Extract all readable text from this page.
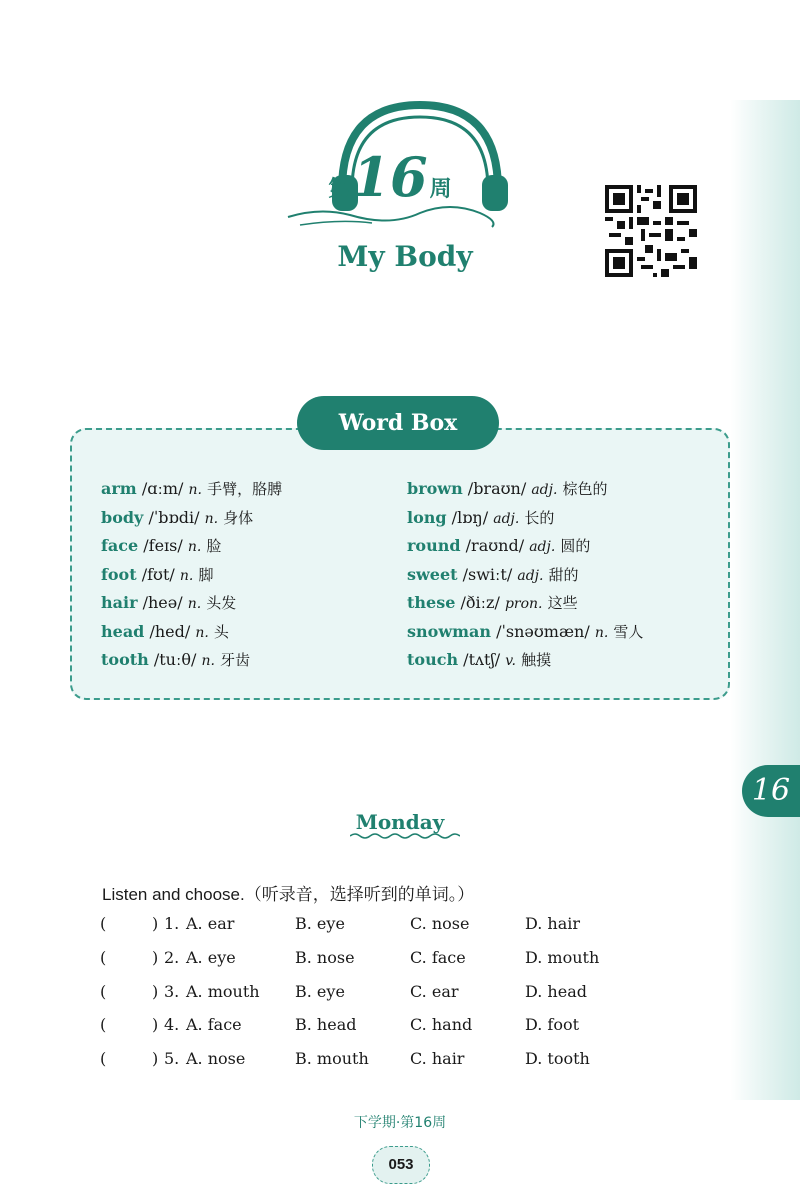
16
第16周
My Body
Word Box
arm /ɑːm/ n. 手臂，胳膊
body /ˈbɒdi/ n. 身体
face /feɪs/ n. 脸
foot /fʊt/ n. 脚
hair /heə/ n. 头发
head /hed/ n. 头
tooth /tuːθ/ n. 牙齿
brown /braʊn/ adj. 棕色的
long /lɒŋ/ adj. 长的
round /raʊnd/ adj. 圆的
sweet /swiːt/ adj. 甜的
these /ðiːz/ pron. 这些
snowman /ˈsnəʊmæn/ n. 雪人
touch /tʌtʃ/ v. 触摸
Monday
Listen and choose.（听录音，选择听到的单词。）
(	) 1. A. ear	B. eye	C. nose	D. hair
(	) 2. A. eye	B. nose	C. face	D. mouth
(	) 3. A. mouth B. eye	C. ear	D. head
(	) 4. A. face	B. head	C. hand	D. foot
(	) 5. A. nose	B. mouth	C. hair	D. tooth
下学期·第16周
053
